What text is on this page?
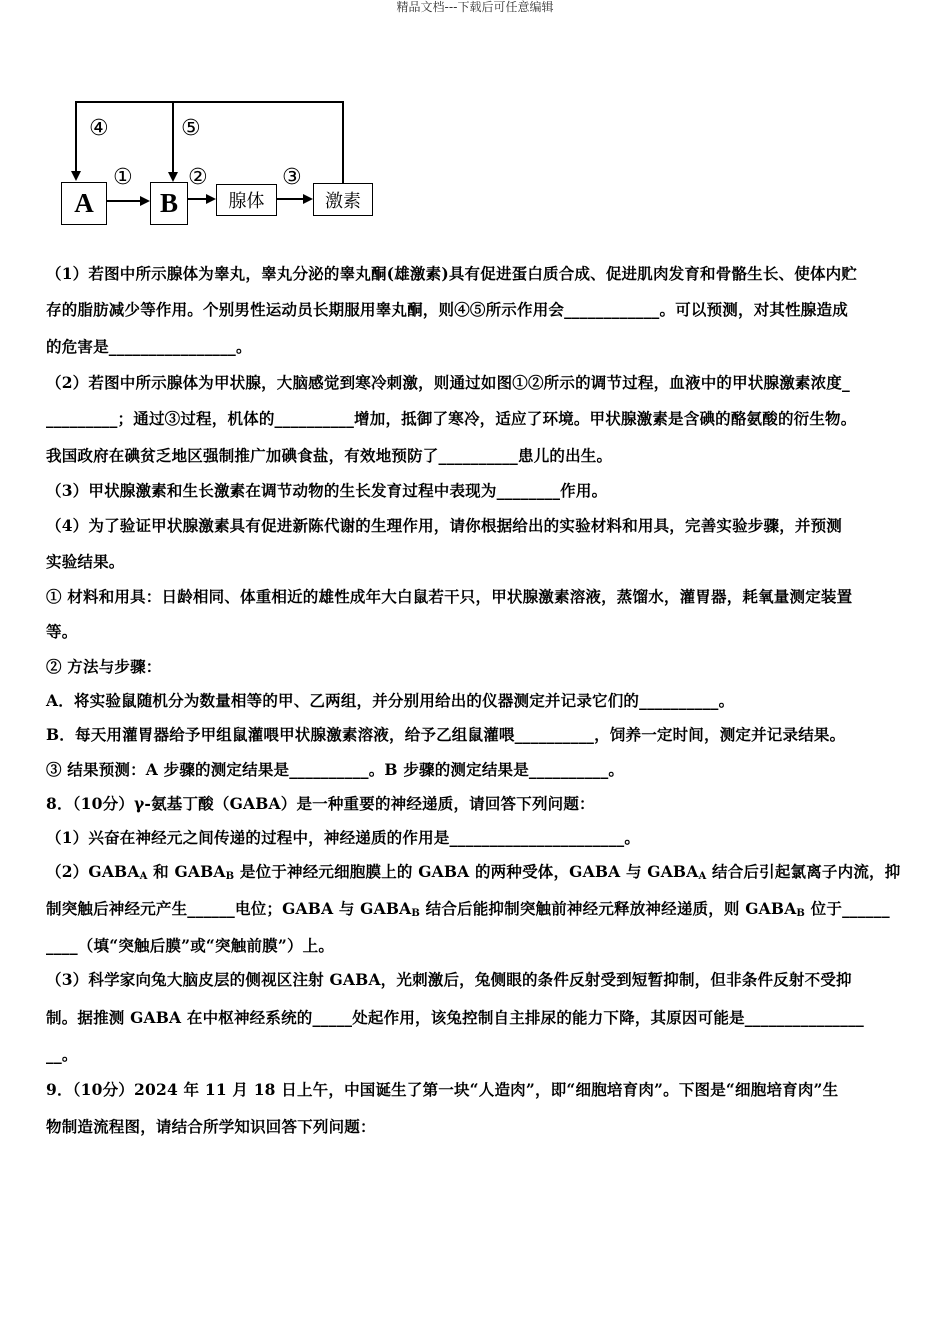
精品文档---下载后可任意编辑
④	⑤
A	B	腺体	激素
①	②	③
（1）若图中所示腺体为睾丸，睾丸分泌的睾丸酮(雄激素)具有促进蛋白质合成、促进肌肉发育和骨骼生长、使体内贮
存的脂肪减少等作用。个别男性运动员长期服用睾丸酮，则④⑤所示作用会____________。可以预测，对其性腺造成
的危害是________________。
（2）若图中所示腺体为甲状腺，大脑感觉到寒冷刺激，则通过如图①②所示的调节过程，血液中的甲状腺激素浓度_
_________；通过③过程，机体的__________增加，抵御了寒冷，适应了环境。甲状腺激素是含碘的酪氨酸的衍生物。
我国政府在碘贫乏地区强制推广加碘食盐，有效地预防了__________患儿的出生。
（3）甲状腺激素和生长激素在调节动物的生长发育过程中表现为________作用。
（4）为了验证甲状腺激素具有促进新陈代谢的生理作用，请你根据给出的实验材料和用具，完善实验步骤，并预测
实验结果。
① 材料和用具：日龄相同、体重相近的雄性成年大白鼠若干只，甲状腺激素溶液，蒸馏水，灌胃器，耗氧量测定装置
等。
② 方法与步骤：
A．将实验鼠随机分为数量相等的甲、乙两组，并分别用给出的仪器测定并记录它们的__________。
B．每天用灌胃器给予甲组鼠灌喂甲状腺激素溶液，给予乙组鼠灌喂__________，饲养一定时间，测定并记录结果。
③ 结果预测：A 步骤的测定结果是__________。B 步骤的测定结果是__________。
8．（10分）γ-氨基丁酸（GABA）是一种重要的神经递质，请回答下列问题：
（1）兴奋在神经元之间传递的过程中，神经递质的作用是______________________。
$(2)GABA_A$ 和 $GABA_B$ 是位于神经元细胞膜上的 GABA 的两种受体，GABA 与 $GABA_A$ 结合后引起氯离子内流，抑
制突触后神经元产生______电位；GABA 与 $GABA_B$ 结合后能抑制突触前神经元释放神经递质，则 $GABA_B$ 位于______
____（填“突触后膜”或“突触前膜”）上。
（3）科学家向兔大脑皮层的侧视区注射 GABA，光刺激后，兔侧眼的条件反射受到短暂抑制，但非条件反射不受抑
制。据推测 GABA 在中枢神经系统的_____处起作用，该兔控制自主排尿的能力下降，其原因可能是_______________
__。
9．（10分）2024 年 11 月 18 日上午，中国诞生了第一块“人造肉”，即“细胞培育肉”。下图是“细胞培育肉”生
物制造流程图，请结合所学知识回答下列问题：
